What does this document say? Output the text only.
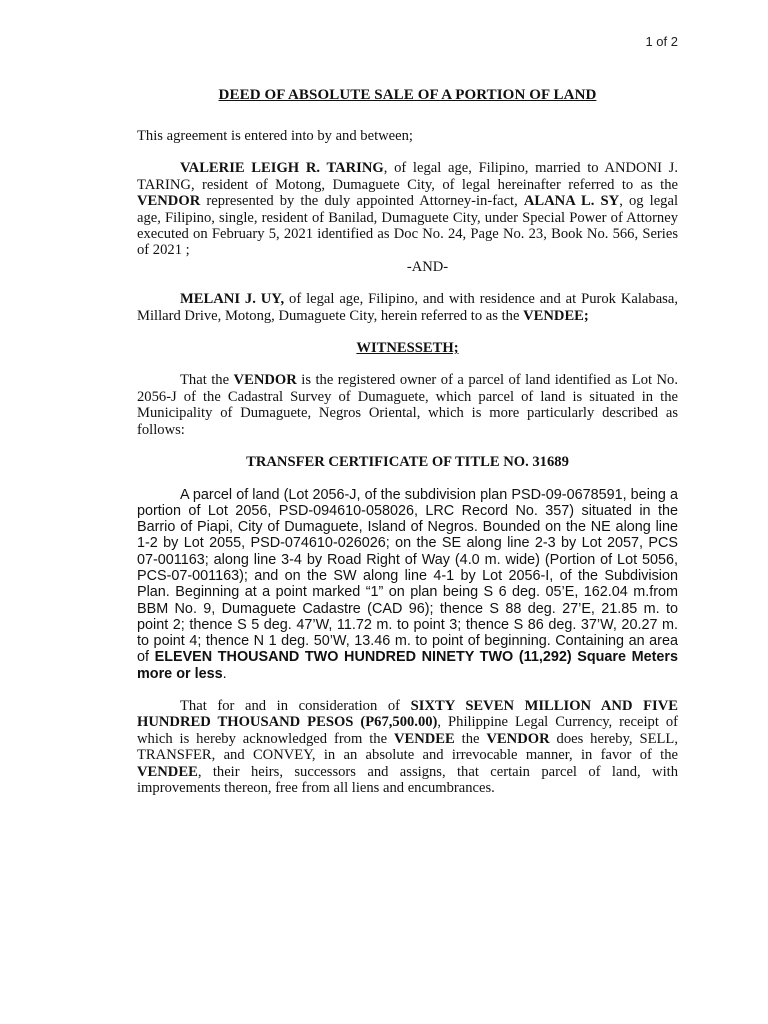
1 of 2
DEED OF ABSOLUTE SALE OF A PORTION OF LAND

This agreement is entered into by and between;

VALERIE LEIGH R. TARING, of legal age, Filipino, married to ANDONI J. TARING, resident of Motong, Dumaguete City, of legal hereinafter referred to as the VENDOR represented by the duly appointed Attorney-in-fact, ALANA L. SY, og legal age, Filipino, single, resident of Banilad, Dumaguete City, under Special Power of Attorney executed on February 5, 2021 identified as Doc No. 24, Page No. 23, Book No. 566, Series of 2021 ;

-AND-

MELANI J. UY, of legal age, Filipino, and with residence and at Purok Kalabasa, Millard Drive, Motong, Dumaguete City, herein referred to as the VENDEE;

WITNESSETH;

That the VENDOR is the registered owner of a parcel of land identified as Lot No. 2056-J of the Cadastral Survey of Dumaguete, which parcel of land is situated in the Municipality of Dumaguete, Negros Oriental, which is more particularly described as follows:

TRANSFER CERTIFICATE OF TITLE NO. 31689

A parcel of land (Lot 2056-J, of the subdivision plan PSD-09-0678591, being a portion of Lot 2056, PSD-094610-058026, LRC Record No. 357) situated in the Barrio of Piapi, City of Dumaguete, Island of Negros. Bounded on the NE along line 1-2 by Lot 2055, PSD-074610-026026; on the SE along line 2-3 by Lot 2057, PCS 07-001163; along line 3-4 by Road Right of Way (4.0 m. wide) (Portion of Lot 5056, PCS-07-001163); and on the SW along line 4-1 by Lot 2056-I, of the Subdivision Plan. Beginning at a point marked “1” on plan being S 6 deg. 05’E, 162.04 m.from BBM No. 9, Dumaguete Cadastre (CAD 96); thence S 88 deg. 27’E, 21.85 m. to point 2; thence S 5 deg. 47’W, 11.72 m. to point 3; thence S 86 deg. 37’W, 20.27 m. to point 4; thence N 1 deg. 50’W, 13.46 m. to point of beginning. Containing an area of ELEVEN THOUSAND TWO HUNDRED NINETY TWO (11,292) Square Meters more or less.

That for and in consideration of SIXTY SEVEN MILLION AND FIVE HUNDRED THOUSAND PESOS (P67,500.00), Philippine Legal Currency, receipt of which is hereby acknowledged from the VENDEE the VENDOR does hereby, SELL, TRANSFER, and CONVEY, in an absolute and irrevocable manner, in favor of the VENDEE, their heirs, successors and assigns, that certain parcel of land, with improvements thereon, free from all liens and encumbrances.
